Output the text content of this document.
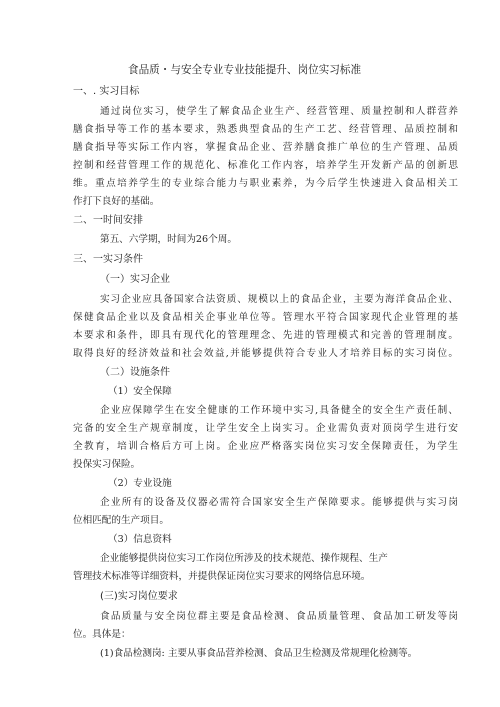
食品质・与安全专业专业技能提升、岗位实习标准
一、. 实习目标
通过岗位实习，使学生了解食品企业生产、经营管理、质量控制和人群营养
膳食指导等工作的基本要求，熟悉典型食品的生产工艺、经营管理、品质控制和
膳食指导等实际工作内容，掌握食品企业、营养膳食推广单位的生产管理、品质
控制和经营管理工作的规范化、标准化工作内容，培养学生开发新产品的创新思
维。重点培养学生的专业综合能力与职业素养，为今后学生快速进入食品相关工
作打下良好的基础。
二、一时间安排
第五、六学期，时间为26个周。
三、一实习条件
（一）实习企业
实习企业应具备国家合法资质、规模以上的食品企业，主要为海洋食品企业、
保健食品企业以及食品相关企事业单位等。管理水平符合国家现代企业管理的基
本要求和条件，即具有现代化的管理理念、先进的管理模式和完善的管理制度。
取得良好的经济效益和社会效益,并能够提供符合专业人才培养目标的实习岗位。
（二）设施条件
（1）安全保障
企业应保障学生在安全健康的工作环境中实习,具备健全的安全生产责任制、
完备的安全生产规章制度，让学生安全上岗实习。企业需负责对顶岗学生进行安
全教育，培训合格后方可上岗。企业应严格落实岗位实习安全保障责任，为学生
投保实习保险。
（2）专业设施
企业所有的设备及仪器必需符合国家安全生产保障要求。能够提供与实习岗
位相匹配的生产项目。
（3）信息资料
企业能够提供岗位实习工作岗位所涉及的技术规范、操作规程、生产
管理技术标准等详细资料，并提供保证岗位实习要求的网络信息环境。
(三)实习岗位要求
食品质量与安全岗位群主要是食品检测、食品质量管理、食品加工研发等岗
位。具体是：
(1)食品检测岗: 主要从事食品营养检测、食品卫生检测及常规理化检测等。
